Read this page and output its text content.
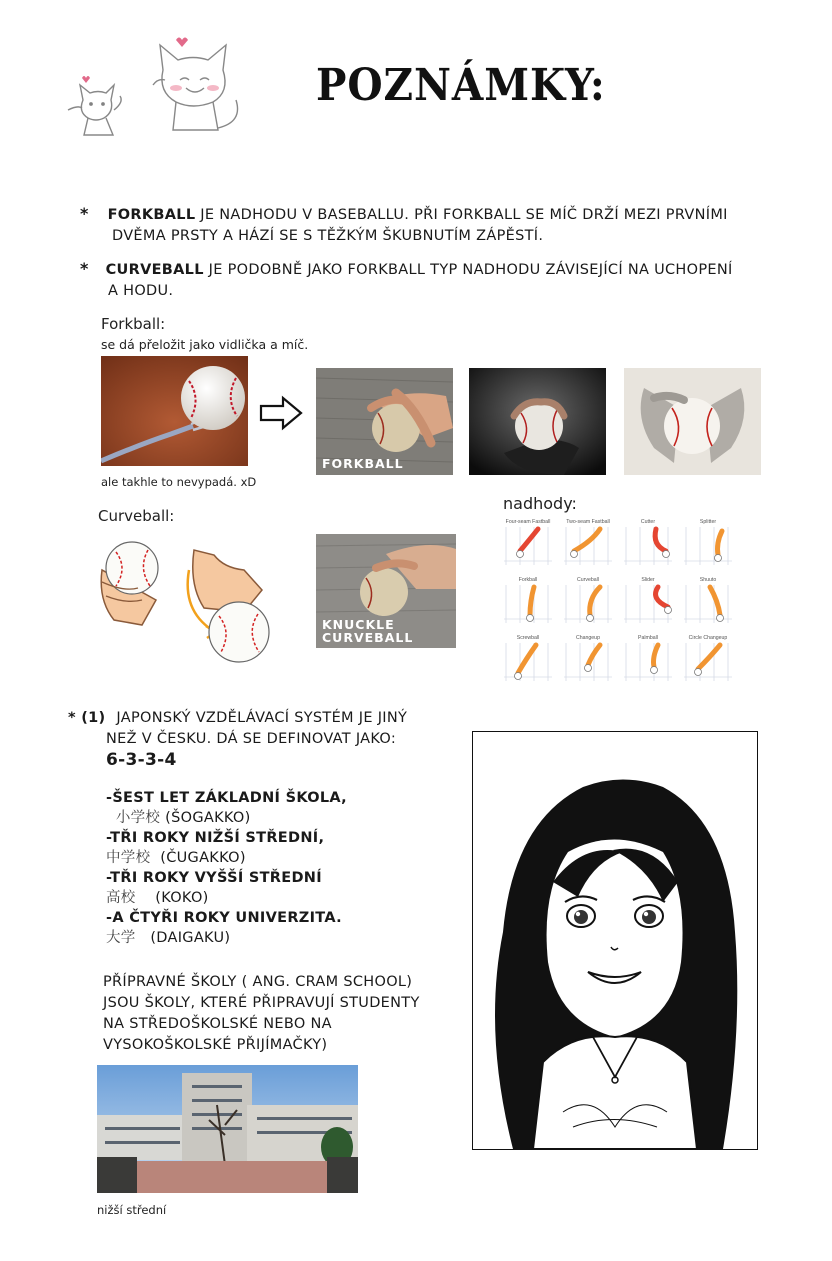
POZNÁMKY:
* FORKBALL JE NADHODU V BASEBALLU. PŘI FORKBALL SE MÍČ DRŽÍ MEZI PRVNÍMI
DVĚMA PRSTY A HÁZÍ SE S TĚŽKÝM ŠKUBNUTÍM ZÁPĚSTÍ.
* CURVEBALL JE PODOBNĚ JAKO FORKBALL TYP NADHODU ZÁVISEJÍCÍ NA UCHOPENÍ
A HODU.
Forkball:
se dá přeložit jako vidlička a míč.
ale takhle to nevypadá. xD
FORKBALL
Curveball:
KNUCKLE
CURVEBALL
nadhody:
Four-seam Fastball	Two-seam Fastball	Cutter	Splitter
Forkball	Curveball	Slider	Shuuto
Screwball	Changeup	Palmball	Circle Changeup
* (1) JAPONSKÝ VZDĚLÁVACÍ SYSTÉM JE JINÝ
NEŽ V ČESKU. DÁ SE DEFINOVAT JAKO:
6-3-3-4
-ŠEST LET ZÁKLADNÍ ŠKOLA,
小学校 (ŠOGAKKO)
-TŘI ROKY NIŽŠÍ STŘEDNÍ,
中学校 (ČUGAKKO)
-TŘI ROKY VYŠŠÍ STŘEDNÍ
高校 (KOKO)
-A ČTYŘI ROKY UNIVERZITA.
大学 (DAIGAKU)
PŘÍPRAVNÉ ŠKOLY ( ANG. CRAM SCHOOL)
JSOU ŠKOLY, KTERÉ PŘIPRAVUJÍ STUDENTY
NA STŘEDOŠKOLSKÉ NEBO NA
VYSOKOŠKOLSKÉ PŘIJÍMAČKY)
nižší střední
